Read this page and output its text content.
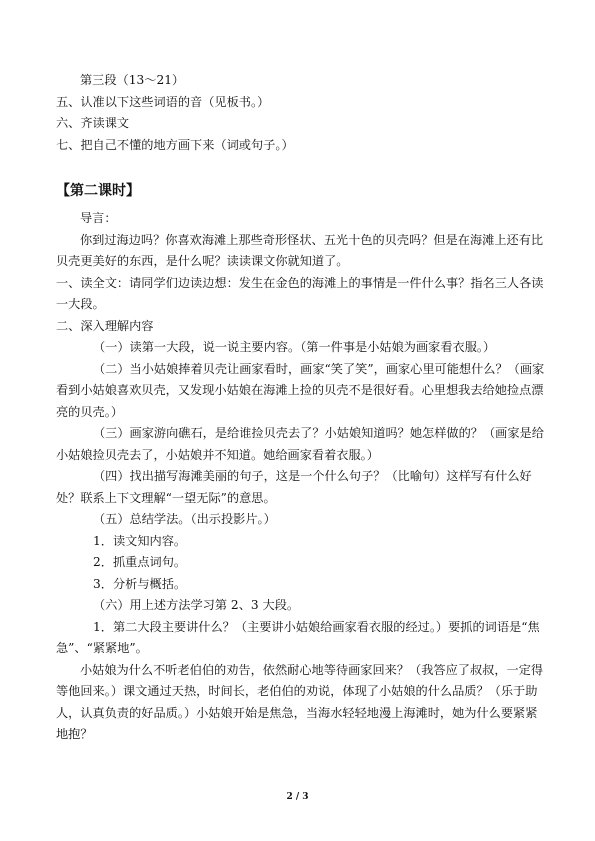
第三段（13～21）

五、认准以下这些词语的音（见板书。）

六、齐读课文

七、把自己不懂的地方画下来（词或句子。）

【第二课时】

导言：

你到过海边吗？你喜欢海滩上那些奇形怪状、五光十色的贝壳吗？但是在海滩上还有比贝壳更美好的东西，是什么呢？读读课文你就知道了。

一、读全文：请同学们边读边想：发生在金色的海滩上的事情是一件什么事？指名三人各读一大段。

二、深入理解内容

（一）读第一大段，说一说主要内容。（第一件事是小姑娘为画家看衣服。）

（二）当小姑娘捧着贝壳让画家看时，画家“笑了笑”，画家心里可能想什么？（画家看到小姑娘喜欢贝壳，又发现小姑娘在海滩上捡的贝壳不是很好看。心里想我去给她捡点漂亮的贝壳。）

（三）画家游向礁石，是给谁捡贝壳去了？小姑娘知道吗？她怎样做的？（画家是给小姑娘捡贝壳去了，小姑娘并不知道。她给画家看着衣服。）

（四）找出描写海滩美丽的句子，这是一个什么句子？（比喻句）这样写有什么好处？联系上下文理解“一望无际”的意思。

（五）总结学法。（出示投影片。）

1．读文知内容。

2．抓重点词句。

3．分析与概括。

（六）用上述方法学习第 2、3 大段。

1．第二大段主要讲什么？（主要讲小姑娘给画家看衣服的经过。）要抓的词语是“焦急”、“紧紧地”。

小姑娘为什么不听老伯伯的劝告，依然耐心地等待画家回来？（我答应了叔叔，一定得等他回来。）课文通过天热，时间长，老伯伯的劝说，体现了小姑娘的什么品质？（乐于助人，认真负责的好品质。）小姑娘开始是焦急，当海水轻轻地漫上海滩时，她为什么要紧紧地抱？

2 / 3
